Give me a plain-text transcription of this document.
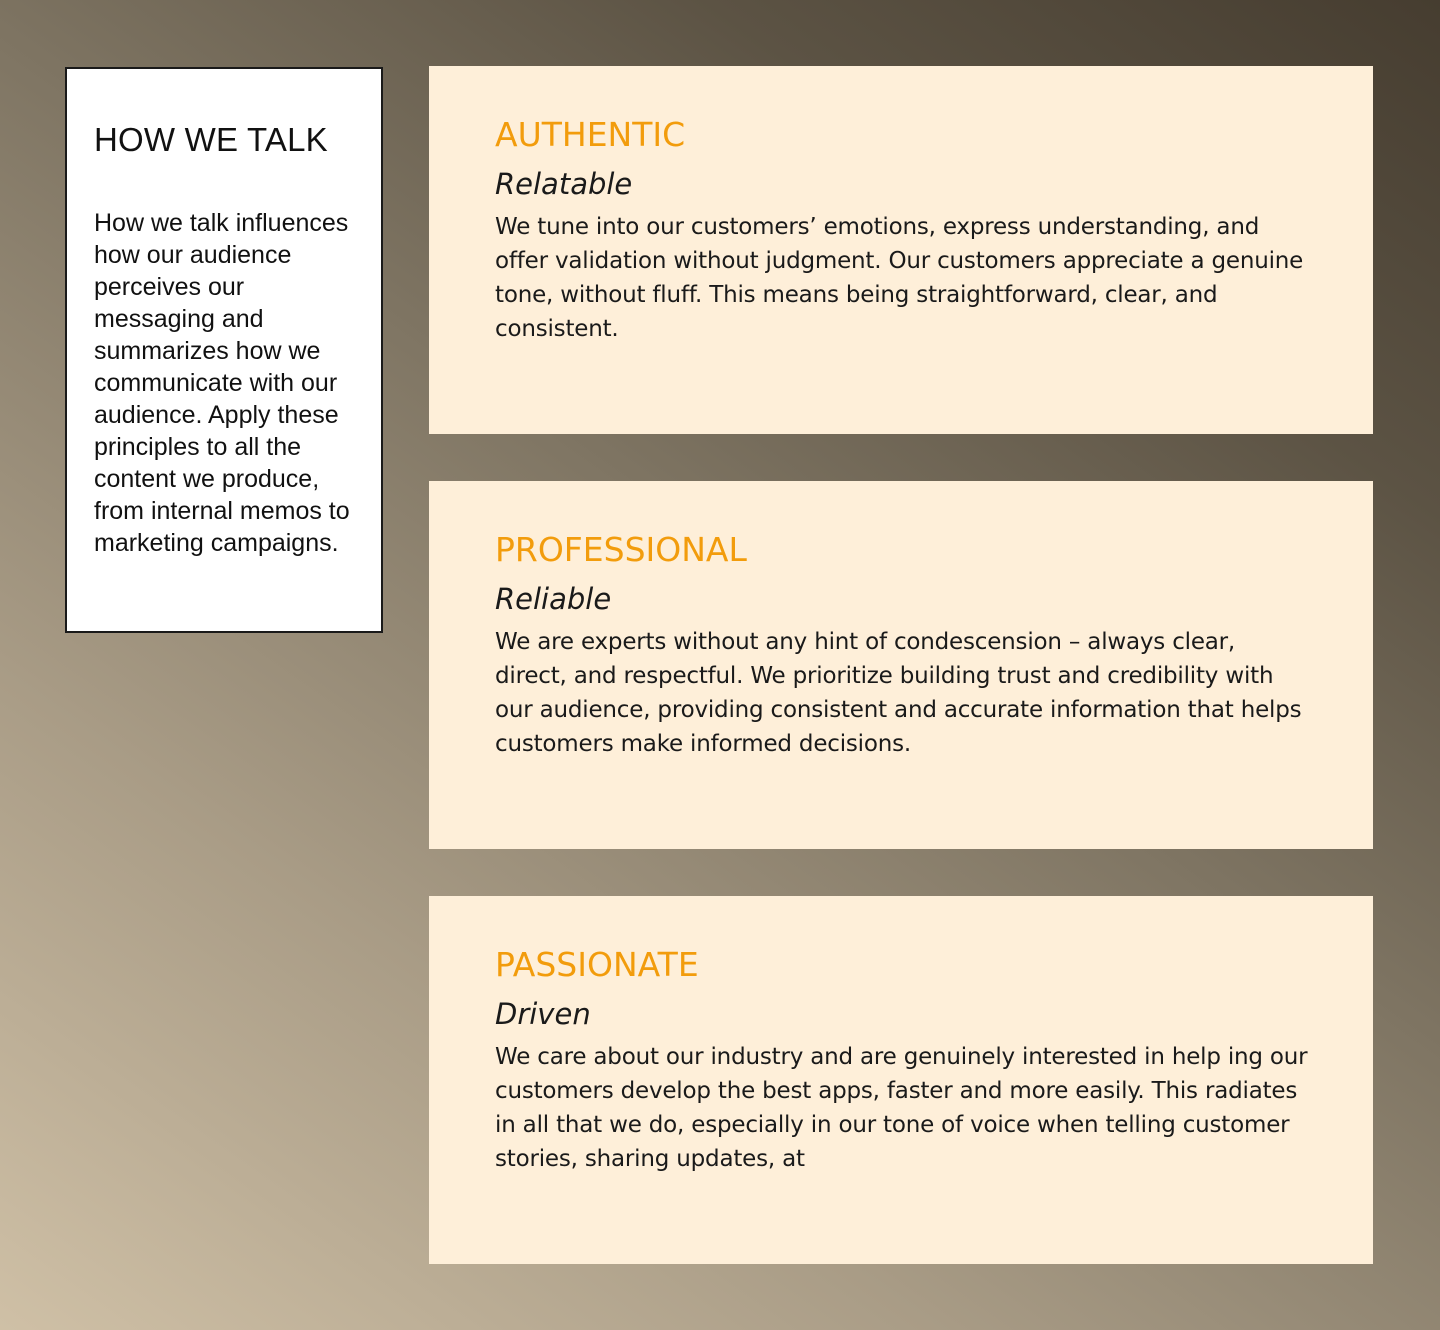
HOW WE TALK

How we talk influences how our audience perceives our messaging and summarizes how we communicate with our audience. Apply these principles to all the content we produce, from internal memos to marketing campaigns.

AUTHENTIC

Relatable

We tune into our customers’ emotions, express understanding, and offer validation without judgment. Our customers appreciate a genuine tone, without fluff. This means being straightforward, clear, and consistent.

PROFESSIONAL

Reliable

We are experts without any hint of condescension – always clear, direct, and respectful. We prioritize building trust and credibility with our audience, providing consistent and accurate information that helps customers make informed decisions.

PASSIONATE

Driven

We care about our industry and are genuinely interested in help ing our customers develop the best apps, faster and more easily. This radiates in all that we do, especially in our tone of voice when telling customer stories, sharing updates, at
